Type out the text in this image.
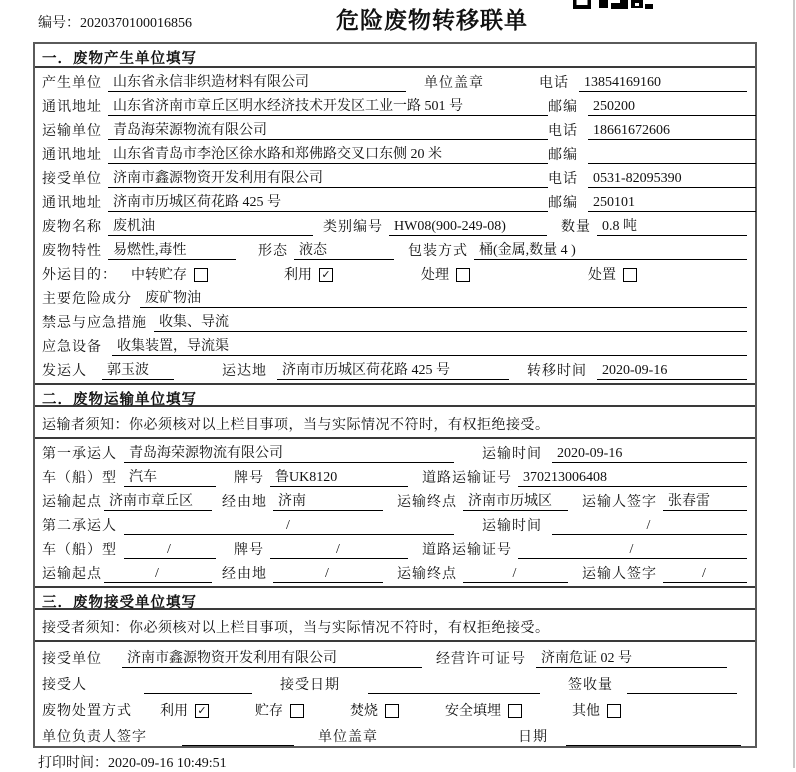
编号：2020370100016856	危险废物转移联单
一．废物产生单位填写
产生单位 山东省永信非织造材料有限公司	单位盖章	电话	13854169160
通讯地址 山东省济南市章丘区明水经济技术开发区工业一路 501 号	邮编	250200
运输单位 青岛海荣源物流有限公司	电话	18661672606
通讯地址 山东省青岛市李沧区徐水路和郑佛路交叉口东侧 20 米	邮编
接受单位 济南市鑫源物资开发利用有限公司	电话	0531-82095390
通讯地址 济南市历城区荷花路 425 号	邮编	250101
废物名称 废机油	类别编号 HW08(900-249-08)	数量 0.8 吨
废物特性 易燃性,毒性	形态 液态	包装方式 桶(金属,数量 4 )
外运目的： 中转贮存	利用 ✓	处理	处置
主要危险成分 废矿物油
禁忌与应急措施 收集、导流
应急设备	收集装置，导流渠
发运人	郭玉波	运达地	济南市历城区荷花路 425 号	转移时间	2020-09-16
二．废物运输单位填写
运输者须知：你必须核对以上栏目事项，当与实际情况不符时，有权拒绝接受。
第一承运人 青岛海荣源物流有限公司	运输时间	2020-09-16
车（船）型 汽车	牌号 鲁UK8120	道路运输证号 370213006408
运输起点 济南市章丘区	经由地 济南	运输终点 济南市历城区	运输人签字 张春雷
第二承运人	/	运输时间	/
车（船）型	/	牌号	/	道路运输证号	/
运输起点	/	经由地	/	运输终点	/	运输人签字	/
三．废物接受单位填写
接受者须知：你必须核对以上栏目事项，当与实际情况不符时，有权拒绝接受。
接受单位	济南市鑫源物资开发利用有限公司	经营许可证号	济南危证 02 号
接受人	接受日期	签收量
废物处置方式 利用 ✓	贮存	焚烧	安全填埋	其他
单位负责人签字	单位盖章	日期
打印时间：2020-09-16 10:49:51
